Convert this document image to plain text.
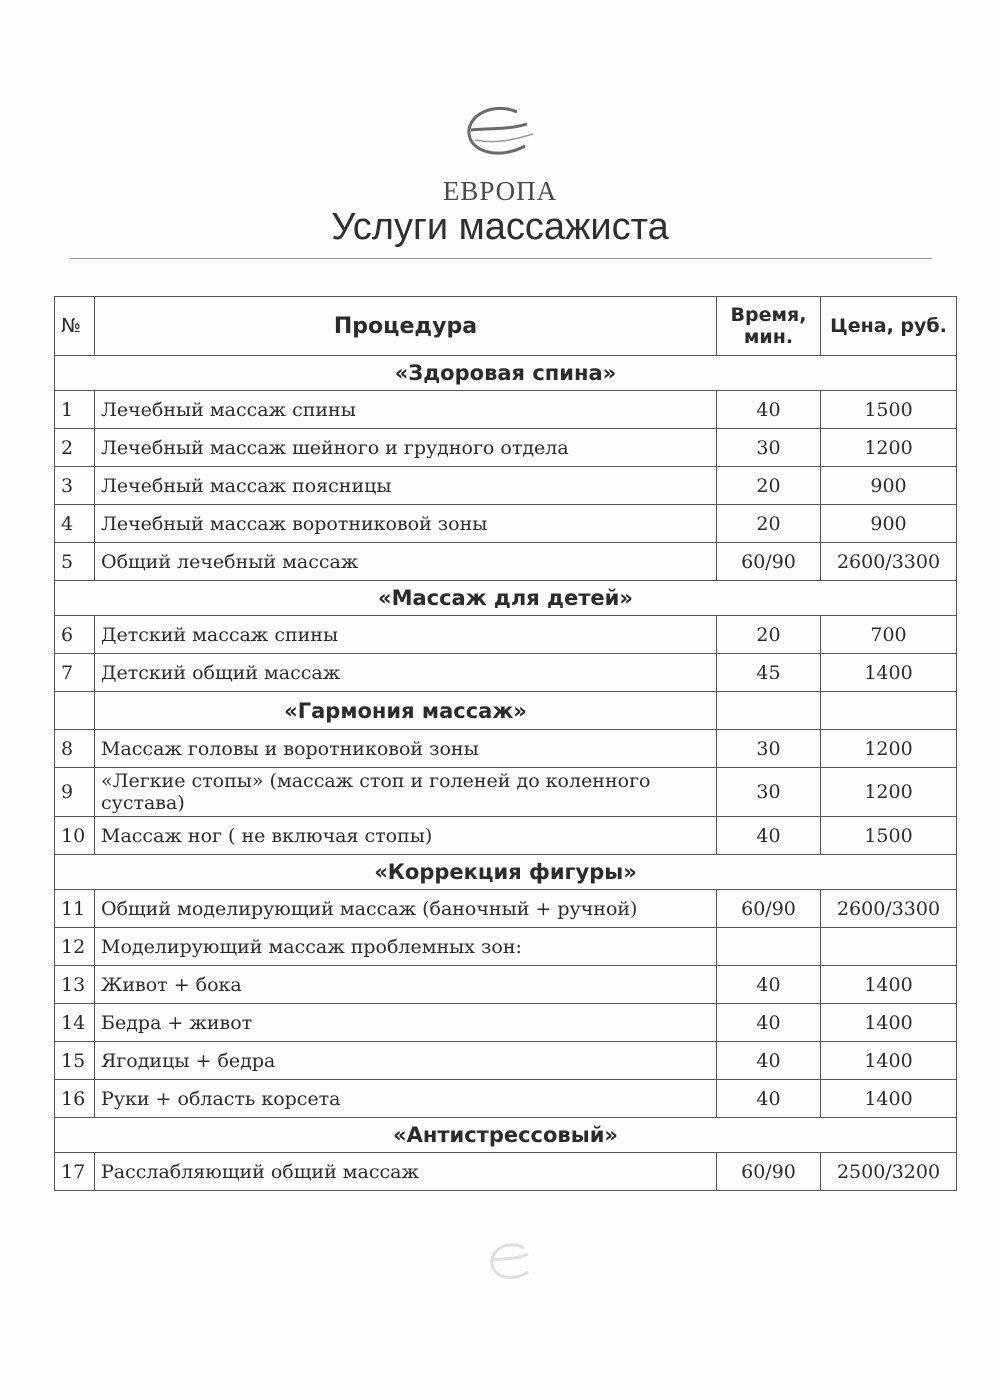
ЕВРОПА
Услуги массажиста
№	Процедура	Время, мин.	Цена, руб.
«Здоровая спина»			
1	Лечебный массаж спины	40	1500
2	Лечебный массаж шейного и грудного отдела	30	1200
3	Лечебный массаж поясницы	20	900
4	Лечебный массаж воротниковой зоны	20	900
5	Общий лечебный массаж	60/90	2600/3300
«Массаж для детей»			
6	Детский массаж спины	20	700
7	Детский общий массаж	45	1400
	«Гармония массаж»		
8	Массаж головы и воротниковой зоны	30	1200
9	«Легкие стопы» (массаж стоп и голеней до коленного сустава)	30	1200
10	Массаж ног ( не включая стопы)	40	1500
«Коррекция фигуры»			
11	Общий моделирующий массаж (баночный + ручной)	60/90	2600/3300
12	Моделирующий массаж проблемных зон:		
13	Живот + бока	40	1400
14	Бедра + живот	40	1400
15	Ягодицы + бедра	40	1400
16	Руки + область корсета	40	1400
«Антистрессовый»			
17	Расслабляющий общий массаж	60/90	2500/3200
